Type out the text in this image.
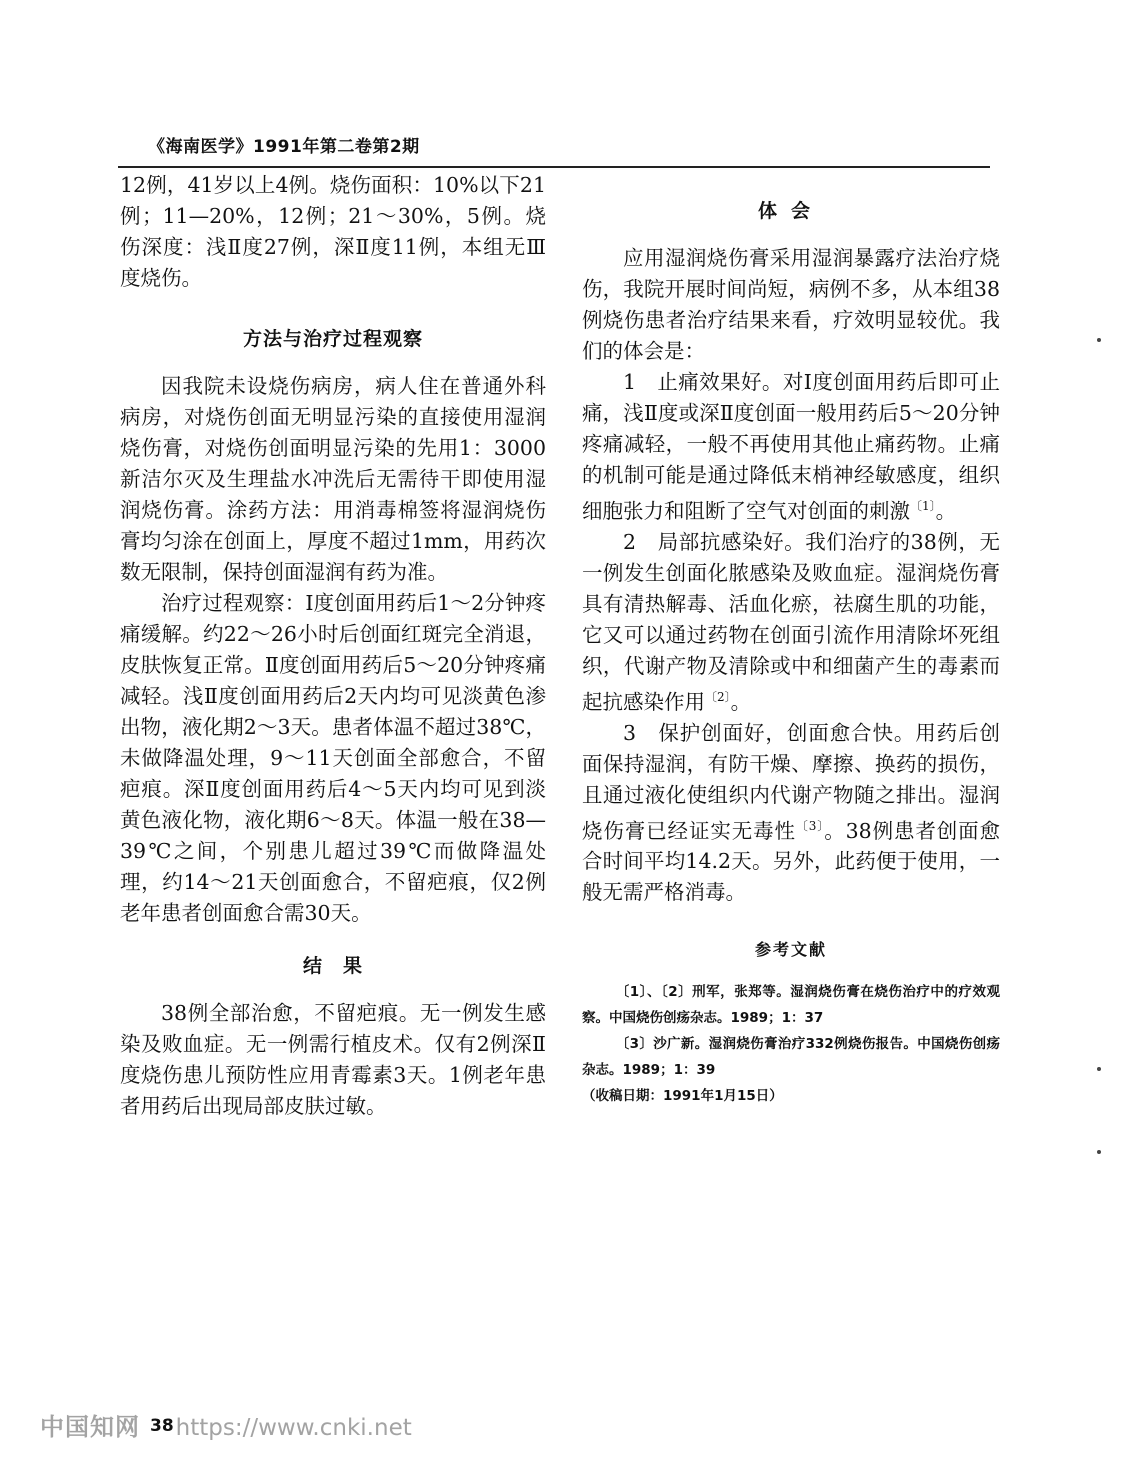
《海南医学》1991年第二卷第2期

12例，41岁以上4例。烧伤面积：10%以下21例；11—20%，12例；21～30%，5例。烧伤深度：浅Ⅱ度27例，深Ⅱ度11例，本组无Ⅲ度烧伤。

方法与治疗过程观察

因我院未设烧伤病房，病人住在普通外科病房，对烧伤创面无明显污染的直接使用湿润烧伤膏，对烧伤创面明显污染的先用1：3000新洁尔灭及生理盐水冲洗后无需待干即使用湿润烧伤膏。涂药方法：用消毒棉签将湿润烧伤膏均匀涂在创面上，厚度不超过1mm，用药次数无限制，保持创面湿润有药为准。

治疗过程观察：Ⅰ度创面用药后1～2分钟疼痛缓解。约22～26小时后创面红斑完全消退，皮肤恢复正常。Ⅱ度创面用药后5～20分钟疼痛减轻。浅Ⅱ度创面用药后2天内均可见淡黄色渗出物，液化期2～3天。患者体温不超过38℃，未做降温处理，9～11天创面全部愈合，不留疤痕。深Ⅱ度创面用药后4～5天内均可见到淡黄色液化物，液化期6～8天。体温一般在38—39℃之间，个别患儿超过39℃而做降温处理，约14～21天创面愈合，不留疤痕，仅2例老年患者创面愈合需30天。

结　果

38例全部治愈，不留疤痕。无一例发生感染及败血症。无一例需行植皮术。仅有2例深Ⅱ度烧伤患儿预防性应用青霉素3天。1例老年患者用药后出现局部皮肤过敏。

体会

应用湿润烧伤膏采用湿润暴露疗法治疗烧伤，我院开展时间尚短，病例不多，从本组38例烧伤患者治疗结果来看，疗效明显较优。我们的体会是：

1　止痛效果好。对Ⅰ度创面用药后即可止痛，浅Ⅱ度或深Ⅱ度创面一般用药后5～20分钟疼痛减轻，一般不再使用其他止痛药物。止痛的机制可能是通过降低末梢神经敏感度，组织细胞张力和阻断了空气对创面的刺激$^{〔1〕}$。

2　局部抗感染好。我们治疗的38例，无一例发生创面化脓感染及败血症。湿润烧伤膏具有清热解毒、活血化瘀，祛腐生肌的功能，它又可以通过药物在创面引流作用清除坏死组织，代谢产物及清除或中和细菌产生的毒素而起抗感染作用$^{〔2〕}$。

3　保护创面好，创面愈合快。用药后创面保持湿润，有防干燥、摩擦、换药的损伤，且通过液化使组织内代谢产物随之排出。湿润烧伤膏已经证实无毒性$^{〔3〕}$。38例患者创面愈合时间平均14.2天。另外，此药便于使用，一般无需严格消毒。

参考文献

〔1〕、〔2〕刑军，张郑等。湿润烧伤膏在烧伤治疗中的疗效观察。中国烧伤创疡杂志。1989；1：37

〔3〕沙广新。湿润烧伤膏治疗332例烧伤报告。中国烧伤创疡杂志。1989；1：39

（收稿日期：1991年1月15日）

中国知网 38https://www.cnki.net
